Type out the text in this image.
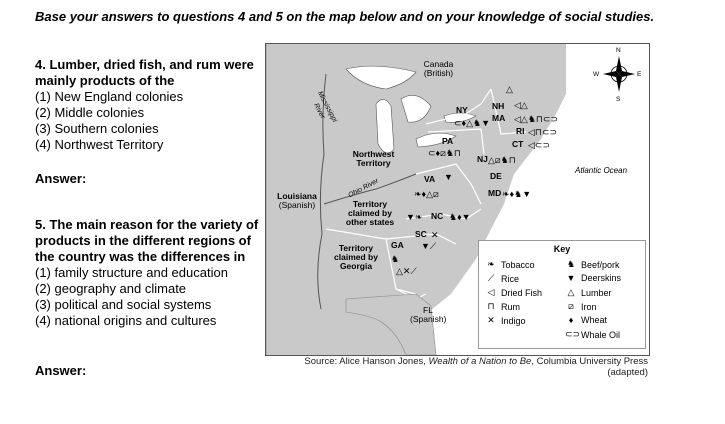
Base your answers to questions 4 and 5 on the map below and on your knowledge of social studies.
4. Lumber, dried fish, and rum were mainly products of the
(1) New England colonies
(2) Middle colonies
(3) Southern colonies
(4) Northwest Territory
Answer:
5. The main reason for the variety of products in the different regions of the country was the differences in
(1) family structure and education
(2) geography and climate
(3) political and social systems
(4) national origins and cultures
Answer:
N
S
E
W
Canada
(British)
Mississippi River
Northwest Territory
Ohio River
Louisiana
(Spanish)	Territory claimed by other states
Territory claimed by Georgia
FL
(Spanish)
Atlantic Ocean
NY	NH
MA
RI
CT
PA
NJ
DE
MD
VA
NC
SC
GA
△
◁△
◁△♞⊓⊂⊃
◁⊓⊂⊃
◁⊂⊃
⊂♦△♞▼
⊂♦⧄♞⊓
△⧄♞⊓
❧♦♞▼
▼
❧♦△⧄
▼❧	♞♦▼
✕
▼⟋
♞
△✕⟋
Key
❧ Tobacco	♞ Beef/pork
⟋ Rice	▼ Deerskins
◁ Dried Fish	△ Lumber
⊓ Rum	⧄ Iron
✕ Indigo	♦ Wheat
⊂⊃ Whale Oil
Source: Alice Hanson Jones, Wealth of a Nation to Be, Columbia University Press
(adapted)
